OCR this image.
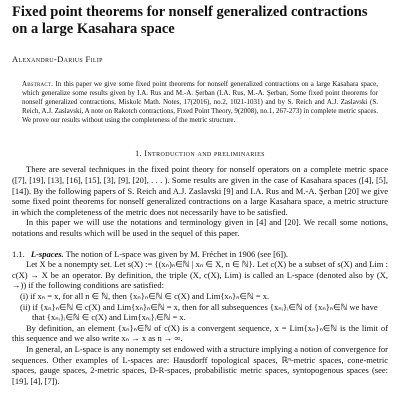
Fixed point theorems for nonself generalized contractions
on a large Kasahara space
Alexandru-Darius Filip
Abstract. In this paper we give some fixed point theorems for nonself generalized contractions on a large Kasahara space, which generalize some results given by I.A. Rus and M.-A. Şerban (I.A. Rus, M.-A. Şerban, Some fixed point theorems for nonself generalized contractions, Miskolc Math. Notes, 17(2016), no.2, 1021-1031) and by S. Reich and A.J. Zaslavski (S. Reich, A.J. Zaslavski, A note on Rakotch contractions, Fixed Point Theory, 9(2008), no.1, 267-273) in complete metric spaces. We prove our results without using the completeness of the metric structure.
1. Introduction and preliminaries
There are several techniques in the fixed point theory for nonself operators on a complete metric space ([7], [19], [13], [16], [15], [3], [9], [20], . . . ). Some results are given in the case of Kasahara spaces ([4], [5], [14]). By the following papers of S. Reich and A.J. Zaslavski [9] and I.A. Rus and M.-A. Şerban [20] we give some fixed point theorems for nonself generalized contractions on a large Kasahara space, a metric structure in which the completeness of the metric does not necessarily have to be satisfied.
In this paper we will use the notations and terminology given in [4] and [20]. We recall some notions, notations and results which will be used in the sequel of this paper.
1.1. L-spaces. The notion of L-space was given by M. Fréchet in 1906 (see [6]).
Let X be a nonempty set. Let s(X) := {(xₙ)ₙ∈ℕ | xₙ ∈ X, n ∈ ℕ}. Let c(X) be a subset of s(X) and Lim : c(X) → X be an operator. By definition, the triple (X, c(X), Lim) is called an L-space (denoted also by (X, →)) if the following conditions are satisfied:
(i) if xₙ = x, for all n ∈ ℕ, then {xₙ}ₙ∈ℕ ∈ c(X) and Lim{xₙ}ₙ∈ℕ = x.
(ii) if {xₙ}ₙ∈ℕ ∈ c(X) and Lim{xₙ}ₙ∈ℕ = x, then for all subsequences {xₙᵢ}ᵢ∈ℕ of {xₙ}ₙ∈ℕ we have that {xₙᵢ}ᵢ∈ℕ ∈ c(X) and Lim{xₙᵢ}ᵢ∈ℕ = x.
By definition, an element {xₙ}ₙ∈ℕ of c(X) is a convergent sequence, x = Lim{xₙ}ₙ∈ℕ is the limit of this sequence and we also write xₙ → x as n → ∞.
In general, an L-space is any nonempty set endowed with a structure implying a notion of convergence for sequences. Other examples of L-spaces are: Hausdorff topological spaces, ℝⁿ-metric spaces, cone-metric spaces, gauge spaces, 2-metric spaces, D-R-spaces, probabilistic metric spaces, syntopogenous spaces (see: [19], [4], [7]).
